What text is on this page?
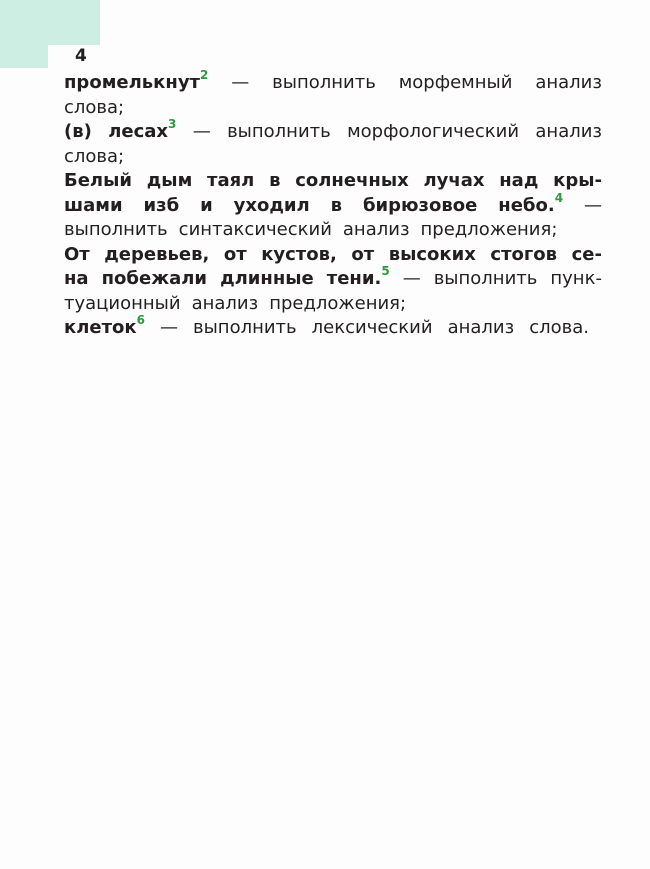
4
промелькнут$^2$ — выполнить морфемный анализ
слова;
(в) лесах$^3$ — выполнить морфологический анализ
слова;
Белый дым таял в солнечных лучах над кры-
шами изб и уходил в бирюзовое небо.$^4$ —
выполнить синтаксический анализ предложения;
От деревьев, от кустов, от высоких стогов се-
на побежали длинные тени.$^5$ — выполнить пунк-
туационный анализ предложения;
клеток$^6$ — выполнить лексический анализ слова.
